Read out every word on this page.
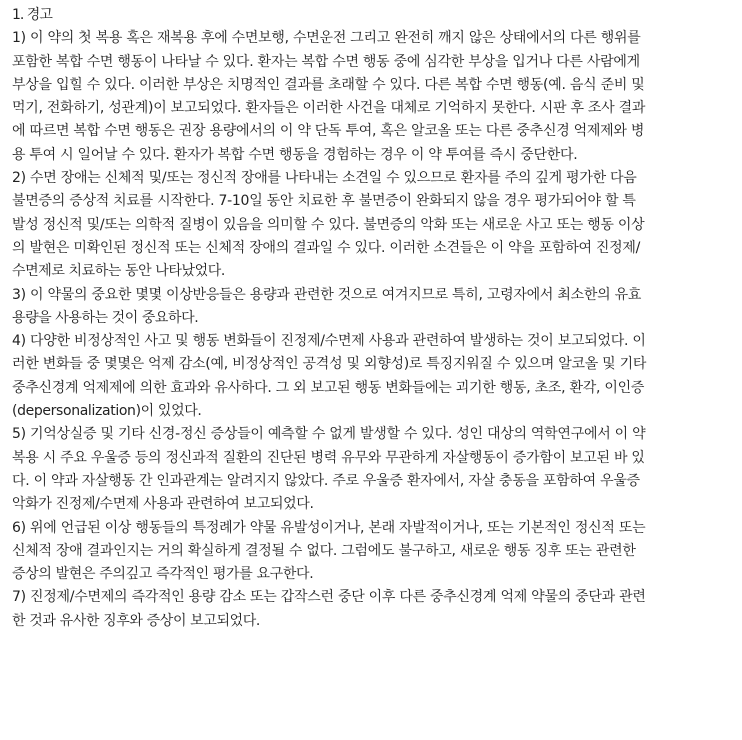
1. 경고
1) 이 약의 첫 복용 혹은 재복용 후에 수면보행, 수면운전 그리고 완전히 깨지 않은 상태에서의 다른 행위를
포함한 복합 수면 행동이 나타날 수 있다. 환자는 복합 수면 행동 중에 심각한 부상을 입거나 다른 사람에게
부상을 입힐 수 있다. 이러한 부상은 치명적인 결과를 초래할 수 있다. 다른 복합 수면 행동(예. 음식 준비 및
먹기, 전화하기, 성관계)이 보고되었다. 환자들은 이러한 사건을 대체로 기억하지 못한다. 시판 후 조사 결과
에 따르면 복합 수면 행동은 권장 용량에서의 이 약 단독 투여, 혹은 알코올 또는 다른 중추신경 억제제와 병
용 투여 시 일어날 수 있다. 환자가 복합 수면 행동을 경험하는 경우 이 약 투여를 즉시 중단한다.
2) 수면 장애는 신체적 및/또는 정신적 장애를 나타내는 소견일 수 있으므로 환자를 주의 깊게 평가한 다음
불면증의 증상적 치료를 시작한다. 7-10일 동안 치료한 후 불면증이 완화되지 않을 경우 평가되어야 할 특
발성 정신적 및/또는 의학적 질병이 있음을 의미할 수 있다. 불면증의 악화 또는 새로운 사고 또는 행동 이상
의 발현은 미확인된 정신적 또는 신체적 장애의 결과일 수 있다. 이러한 소견들은 이 약을 포함하여 진정제/
수면제로 치료하는 동안 나타났었다.
3) 이 약물의 중요한 몇몇 이상반응들은 용량과 관련한 것으로 여겨지므로 특히, 고령자에서 최소한의 유효
용량을 사용하는 것이 중요하다.
4) 다양한 비정상적인 사고 및 행동 변화들이 진정제/수면제 사용과 관련하여 발생하는 것이 보고되었다. 이
러한 변화들 중 몇몇은 억제 감소(예, 비정상적인 공격성 및 외향성)로 특징지워질 수 있으며 알코올 및 기타
중추신경계 억제제에 의한 효과와 유사하다. 그 외 보고된 행동 변화들에는 괴기한 행동, 초조, 환각, 이인증
(depersonalization)이 있었다.
5) 기억상실증 및 기타 신경-정신 증상들이 예측할 수 없게 발생할 수 있다. 성인 대상의 역학연구에서 이 약
복용 시 주요 우울증 등의 정신과적 질환의 진단된 병력 유무와 무관하게 자살행동이 증가함이 보고된 바 있
다. 이 약과 자살행동 간 인과관계는 알려지지 않았다. 주로 우울증 환자에서, 자살 충동을 포함하여 우울증
악화가 진정제/수면제 사용과 관련하여 보고되었다.
6) 위에 언급된 이상 행동들의 특정례가 약물 유발성이거나, 본래 자발적이거나, 또는 기본적인 정신적 또는
신체적 장애 결과인지는 거의 확실하게 결정될 수 없다. 그럼에도 불구하고, 새로운 행동 징후 또는 관련한
증상의 발현은 주의깊고 즉각적인 평가를 요구한다.
7) 진정제/수면제의 즉각적인 용량 감소 또는 갑작스런 중단 이후 다른 중추신경계 억제 약물의 중단과 관련
한 것과 유사한 징후와 증상이 보고되었다.
